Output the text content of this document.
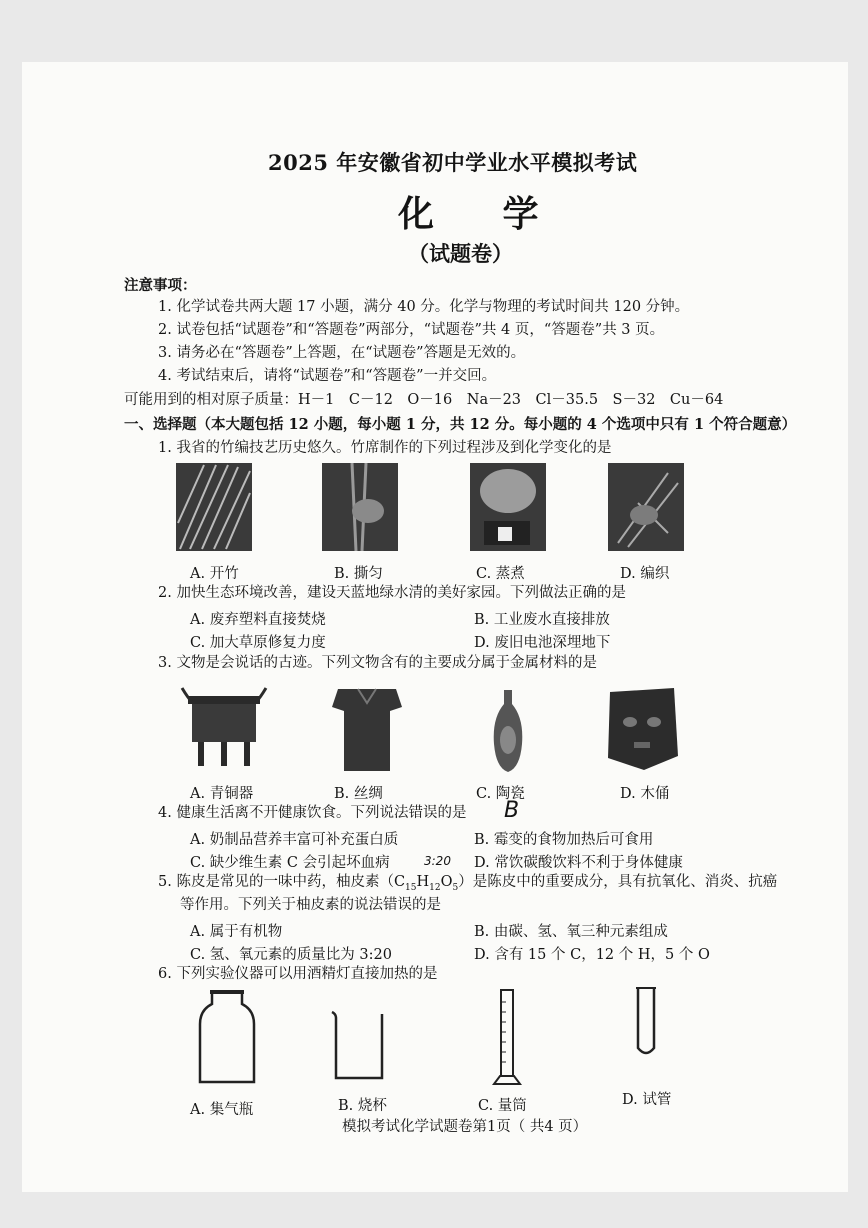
2025 年安徽省初中学业水平模拟考试
化 学
（试题卷）
注意事项：
1. 化学试卷共两大题 17 小题，满分 40 分。化学与物理的考试时间共 120 分钟。
2. 试卷包括“试题卷”和“答题卷”两部分，“试题卷”共 4 页，“答题卷”共 3 页。
3. 请务必在“答题卷”上答题，在“试题卷”答题是无效的。
4. 考试结束后，请将“试题卷”和“答题卷”一并交回。
可能用到的相对原子质量：H－1　C－12　O－16　Na－23　Cl－35.5　S－32　Cu－64
一、选择题（本大题包括 12 小题，每小题 1 分，共 12 分。每小题的 4 个选项中只有 1 个符合题意）
1. 我省的竹编技艺历史悠久。竹席制作的下列过程涉及到化学变化的是
A. 开竹	B. 撕匀	C. 蒸煮	D. 编织
2. 加快生态环境改善，建设天蓝地绿水清的美好家园。下列做法正确的是
A. 废弃塑料直接焚烧	B. 工业废水直接排放
C. 加大草原修复力度	D. 废旧电池深埋地下
3. 文物是会说话的古迹。下列文物含有的主要成分属于金属材料的是
A. 青铜器	B. 丝绸	C. 陶瓷	D. 木俑
4. 健康生活离不开健康饮食。下列说法错误的是 B
A. 奶制品营养丰富可补充蛋白质	B. 霉变的食物加热后可食用
C. 缺少维生素 C 会引起坏血病	3:20 D. 常饮碳酸饮料不利于身体健康
5. 陈皮是常见的一味中药，柚皮素$(C_{15}H_{12}O_5)$是陈皮中的重要成分，具有抗氧化、消炎、抗癌
等作用。下列关于柚皮素的说法错误的是
A. 属于有机物	B. 由碳、氢、氧三种元素组成
C. 氢、氧元素的质量比为 3:20	D. 含有 15 个 C，12 个 H，5 个 O
6. 下列实验仪器可以用酒精灯直接加热的是
A. 集气瓶	B. 烧杯	C. 量筒	D. 试管
模拟考试化学试题卷第1页（ 共4 页）
